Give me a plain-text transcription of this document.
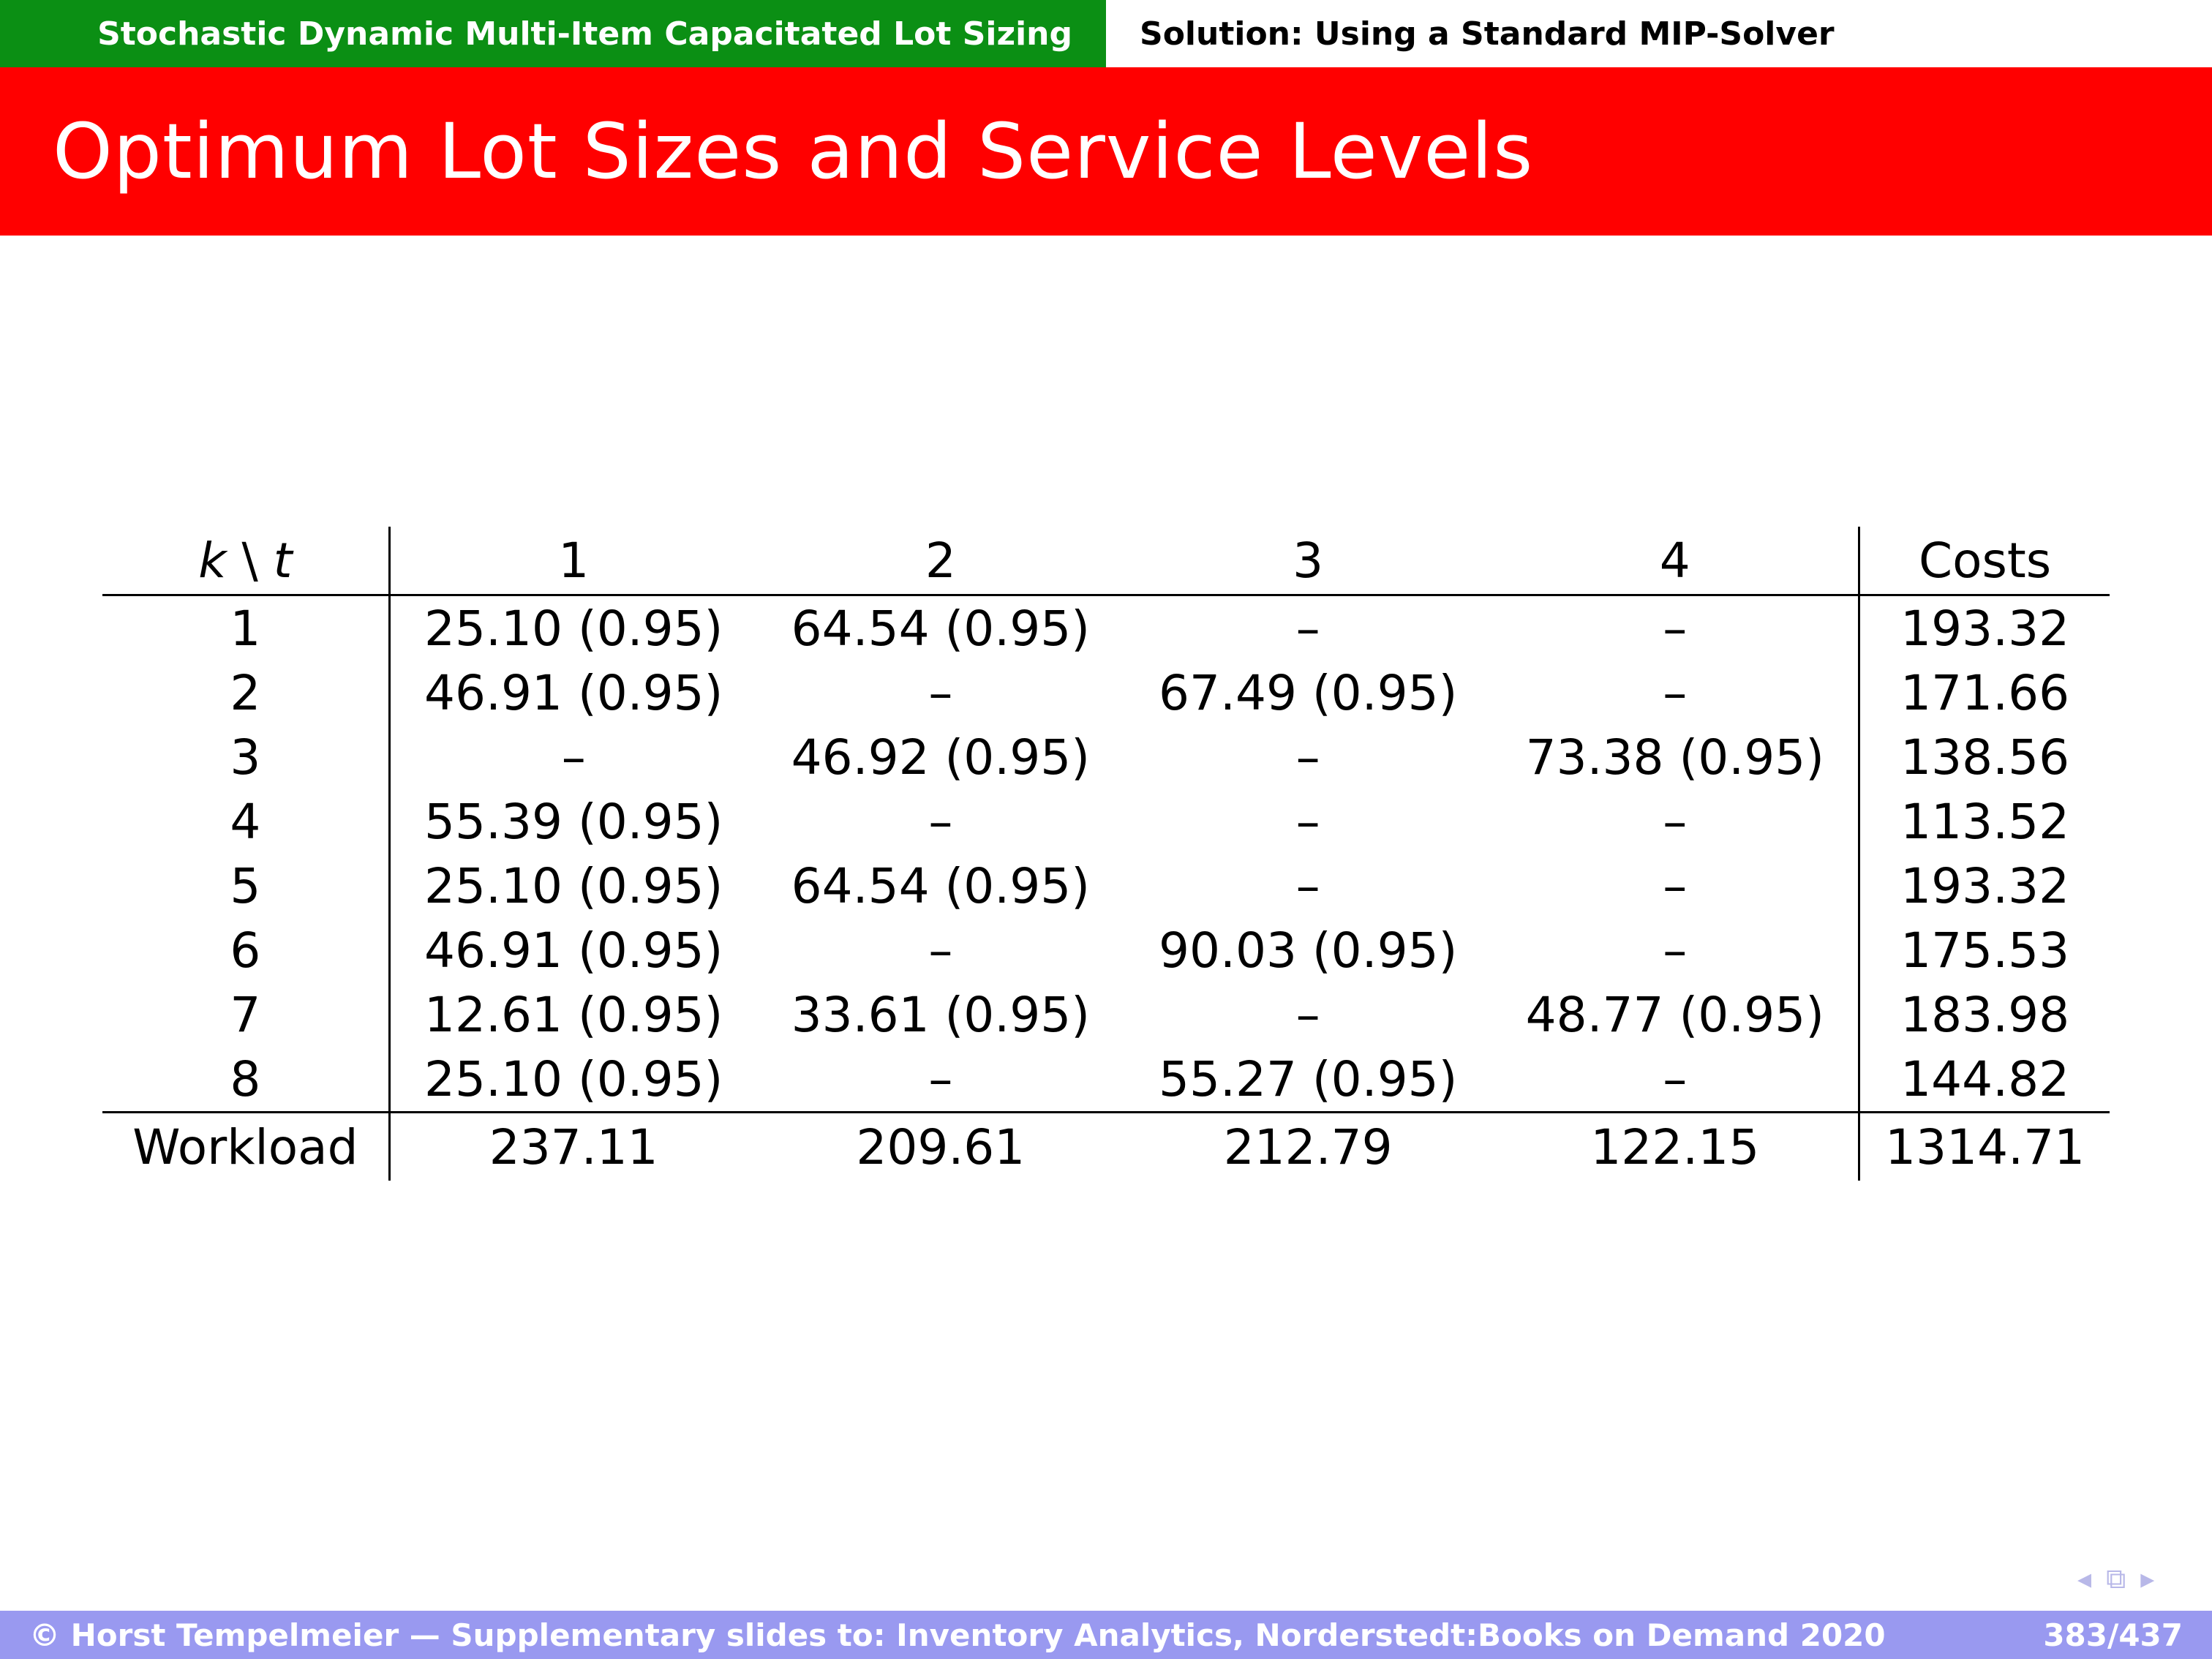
Stochastic Dynamic Multi-Item Capacitated Lot Sizing Solution: Using a Standard MIP-Solver
Optimum Lot Sizes and Service Levels
k \ t	1	2	3	4	Costs
1	25.10 (0.95)	64.54 (0.95)	–	–	193.32
2	46.91 (0.95)	–	67.49 (0.95)	–	171.66
3	–	46.92 (0.95)	–	73.38 (0.95)	138.56
4	55.39 (0.95)	–	–	–	113.52
5	25.10 (0.95)	64.54 (0.95)	–	–	193.32
6	46.91 (0.95)	–	90.03 (0.95)	–	175.53
7	12.61 (0.95)	33.61 (0.95)	–	48.77 (0.95)	183.98
8	25.10 (0.95)	–	55.27 (0.95)	–	144.82
Workload	237.11	209.61	212.79	122.15	1314.71
◂ ⧉ ▸
© Horst Tempelmeier — Supplementary slides to: Inventory Analytics, Norderstedt:Books on Demand 2020	383/437
